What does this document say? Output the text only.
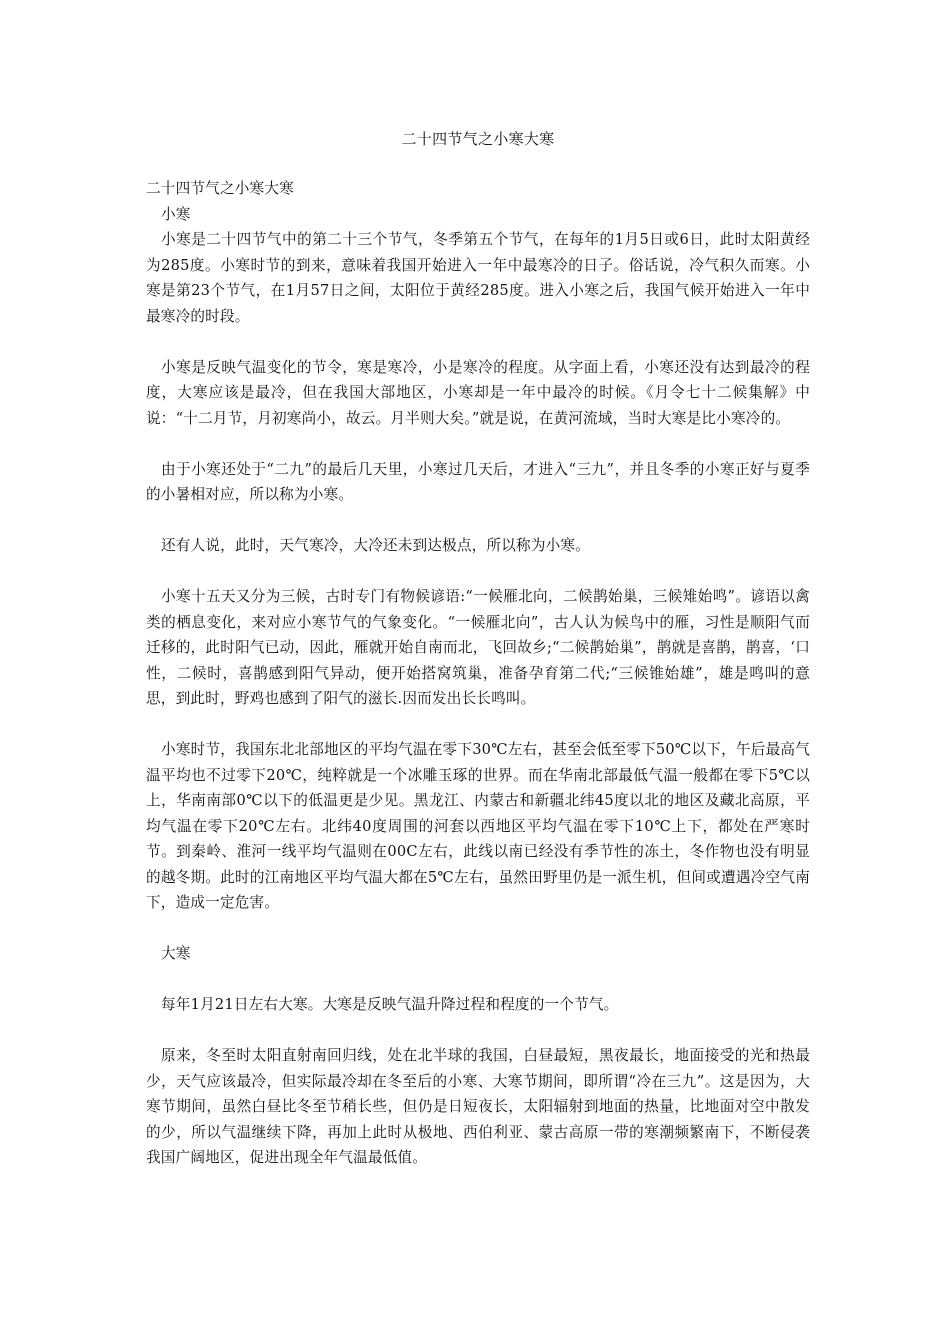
二十四节气之小寒大寒

二十四节气之小寒大寒

小寒

小寒是二十四节气中的第二十三个节气，冬季第五个节气，在每年的1月5日或6日，此时太阳黄经为285度。小寒时节的到来，意味着我国开始进入一年中最寒冷的日子。俗话说，冷气积久而寒。小寒是第23个节气，在1月57日之间，太阳位于黄经285度。进入小寒之后，我国气候开始进入一年中最寒冷的时段。

小寒是反映气温变化的节令，寒是寒冷，小是寒冷的程度。从字面上看，小寒还没有达到最冷的程度，大寒应该是最冷，但在我国大部地区，小寒却是一年中最冷的时候。《月令七十二候集解》中说：“十二月节，月初寒尚小，故云。月半则大矣。”就是说，在黄河流域，当时大寒是比小寒冷的。

由于小寒还处于“二九”的最后几天里，小寒过几天后，才进入“三九”，并且冬季的小寒正好与夏季的小暑相对应，所以称为小寒。

还有人说，此时，天气寒冷，大冷还未到达极点，所以称为小寒。

小寒十五天又分为三候，古时专门有物候谚语:“一候雁北向，二候鹊始巢，三候雉始鸣”。谚语以禽类的栖息变化，来对应小寒节气的气象变化。“一候雁北向”，古人认为候鸟中的雁，习性是顺阳气而迁移的，此时阳气已动，因此，雁就开始自南而北，飞回故乡;“二候鹊始巢”，鹊就是喜鹊，鹊喜，‘口性，二候时，喜鹊感到阳气异动，便开始搭窝筑巢，准备孕育第二代;“三候锥始雄”，雄是鸣叫的意思，到此时，野鸡也感到了阳气的滋长.因而发出长长鸣叫。

小寒时节，我国东北北部地区的平均气温在零下30℃左右，甚至会低至零下50℃以下，午后最高气温平均也不过零下20℃，纯粹就是一个冰雕玉琢的世界。而在华南北部最低气温一般都在零下5℃以上，华南南部0℃以下的低温更是少见。黑龙江、内蒙古和新疆北纬45度以北的地区及藏北高原，平均气温在零下20℃左右。北纬40度周围的河套以西地区平均气温在零下10℃上下，都处在严寒时节。到秦岭、淮河一线平均气温则在00C左右，此线以南已经没有季节性的冻土，冬作物也没有明显的越冬期。此时的江南地区平均气温大都在5℃左右，虽然田野里仍是一派生机，但间或遭遇冷空气南下，造成一定危害。

大寒

每年1月21日左右大寒。大寒是反映气温升降过程和程度的一个节气。

原来，冬至时太阳直射南回归线，处在北半球的我国，白昼最短，黑夜最长，地面接受的光和热最少，天气应该最冷，但实际最冷却在冬至后的小寒、大寒节期间，即所谓“冷在三九”。这是因为，大寒节期间，虽然白昼比冬至节稍长些，但仍是日短夜长，太阳辐射到地面的热量，比地面对空中散发的少，所以气温继续下降，再加上此时从极地、西伯利亚、蒙古高原一带的寒潮频繁南下，不断侵袭我国广阔地区，促进出现全年气温最低值。
